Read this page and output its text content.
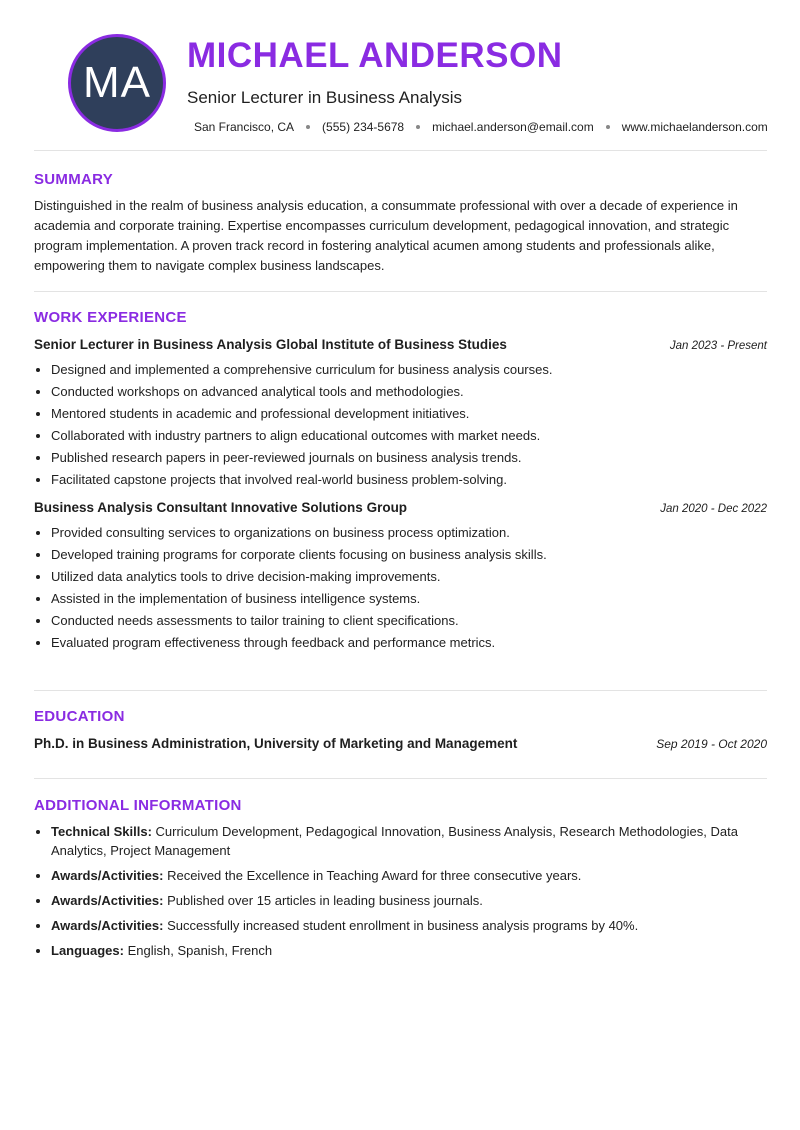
MA
MICHAEL ANDERSON
Senior Lecturer in Business Analysis
San Francisco, CA	(555) 234-5678	michael.anderson@email.com	www.michaelanderson.com
SUMMARY

Distinguished in the realm of business analysis education, a consummate professional with over a decade of experience in academia and corporate training. Expertise encompasses curriculum development, pedagogical innovation, and strategic program implementation. A proven track record in fostering analytical acumen among students and professionals alike, empowering them to navigate complex business landscapes.

WORK EXPERIENCE
Senior Lecturer in Business Analysis Global Institute of Business Studies	Jan 2023 - Present
• Designed and implemented a comprehensive curriculum for business analysis courses.
• Conducted workshops on advanced analytical tools and methodologies.
• Mentored students in academic and professional development initiatives.
• Collaborated with industry partners to align educational outcomes with market needs.
• Published research papers in peer-reviewed journals on business analysis trends.
• Facilitated capstone projects that involved real-world business problem-solving.
Business Analysis Consultant Innovative Solutions Group	Jan 2020 - Dec 2022
• Provided consulting services to organizations on business process optimization.
• Developed training programs for corporate clients focusing on business analysis skills.
• Utilized data analytics tools to drive decision-making improvements.
• Assisted in the implementation of business intelligence systems.
• Conducted needs assessments to tailor training to client specifications.
• Evaluated program effectiveness through feedback and performance metrics.
EDUCATION
Ph.D. in Business Administration, University of Marketing and Management	Sep 2019 - Oct 2020
ADDITIONAL INFORMATION
• Technical Skills: Curriculum Development, Pedagogical Innovation, Business Analysis, Research Methodologies, Data Analytics, Project Management
• Awards/Activities: Received the Excellence in Teaching Award for three consecutive years.
• Awards/Activities: Published over 15 articles in leading business journals.
• Awards/Activities: Successfully increased student enrollment in business analysis programs by 40%.
• Languages: English, Spanish, French
